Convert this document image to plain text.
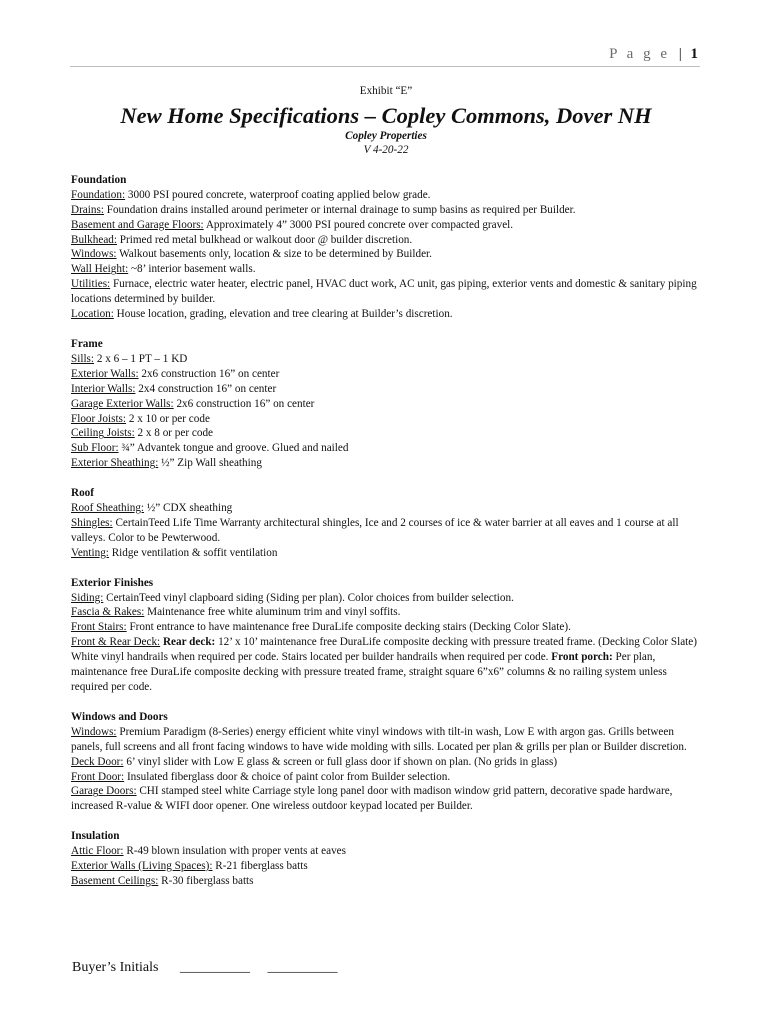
P a g e | 1
Exhibit “E”
New Home Specifications – Copley Commons, Dover NH
Copley Properties
V 4-20-22

Foundation

Foundation: 3000 PSI poured concrete, waterproof coating applied below grade.

Drains: Foundation drains installed around perimeter or internal drainage to sump basins as required per Builder.

Basement and Garage Floors: Approximately 4” 3000 PSI poured concrete over compacted gravel.

Bulkhead: Primed red metal bulkhead or walkout door @ builder discretion.

Windows: Walkout basements only, location & size to be determined by Builder.

Wall Height: ~8’ interior basement walls.

Utilities: Furnace, electric water heater, electric panel, HVAC duct work, AC unit, gas piping, exterior vents and domestic & sanitary piping locations determined by builder.

Location: House location, grading, elevation and tree clearing at Builder’s discretion.

Frame

Sills: 2 x 6 – 1 PT – 1 KD

Exterior Walls: 2x6 construction 16” on center

Interior Walls: 2x4 construction 16” on center

Garage Exterior Walls: 2x6 construction 16” on center

Floor Joists: 2 x 10 or per code

Ceiling Joists: 2 x 8 or per code

Sub Floor: ¾” Advantek tongue and groove. Glued and nailed

Exterior Sheathing: ½” Zip Wall sheathing

Roof

Roof Sheathing: ½” CDX sheathing

Shingles: CertainTeed Life Time Warranty architectural shingles, Ice and 2 courses of ice & water barrier at all eaves and 1 course at all valleys. Color to be Pewterwood.

Venting: Ridge ventilation & soffit ventilation

Exterior Finishes

Siding: CertainTeed vinyl clapboard siding (Siding per plan). Color choices from builder selection.

Fascia & Rakes: Maintenance free white aluminum trim and vinyl soffits.

Front Stairs: Front entrance to have maintenance free DuraLife composite decking stairs (Decking Color Slate).

Front & Rear Deck: Rear deck: 12’ x 10’ maintenance free DuraLife composite decking with pressure treated frame. (Decking Color Slate) White vinyl handrails when required per code. Stairs located per builder handrails when required per code. Front porch: Per plan, maintenance free DuraLife composite decking with pressure treated frame, straight square 6”x6” columns & no railing system unless required per code.

Windows and Doors

Windows: Premium Paradigm (8-Series) energy efficient white vinyl windows with tilt-in wash, Low E with argon gas. Grills between panels, full screens and all front facing windows to have wide molding with sills. Located per plan & grills per plan or Builder discretion.

Deck Door: 6’ vinyl slider with Low E glass & screen or full glass door if shown on plan. (No grids in glass)

Front Door: Insulated fiberglass door & choice of paint color from Builder selection.

Garage Doors: CHI stamped steel white Carriage style long panel door with madison window grid pattern, decorative spade hardware, increased R-value & WIFI door opener. One wireless outdoor keypad located per Builder.

Insulation

Attic Floor: R-49 blown insulation with proper vents at eaves

Exterior Walls (Living Spaces): R-21 fiberglass batts

Basement Ceilings: R-30 fiberglass batts

Buyer’s Initials __________ __________
